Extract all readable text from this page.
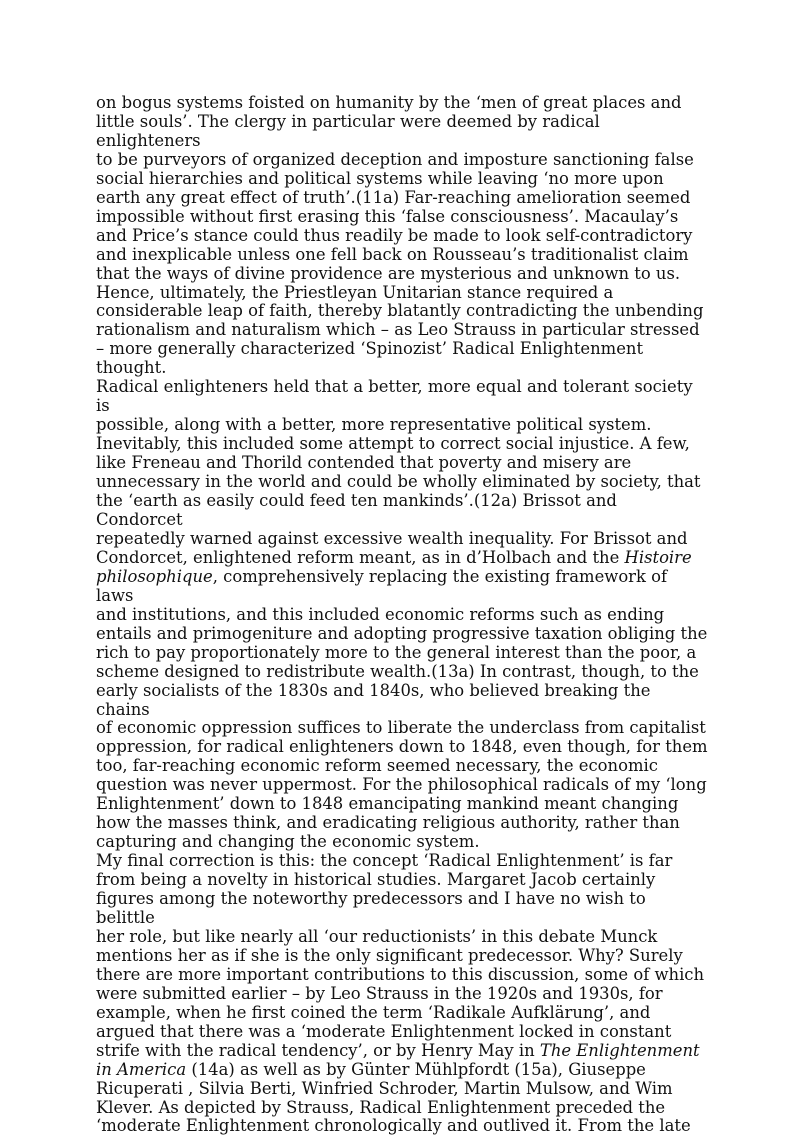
on bogus systems foisted on humanity by the ‘men of great places and
little souls’. The clergy in particular were deemed by radical enlighteners
to be purveyors of organized deception and imposture sanctioning false
social hierarchies and political systems while leaving ‘no more upon
earth any great effect of truth’.(11a) Far-reaching amelioration seemed
impossible without first erasing this ‘false consciousness’. Macaulay’s
and Price’s stance could thus readily be made to look self-contradictory
and inexplicable unless one fell back on Rousseau’s traditionalist claim
that the ways of divine providence are mysterious and unknown to us.
Hence, ultimately, the Priestleyan Unitarian stance required a
considerable leap of faith, thereby blatantly contradicting the unbending
rationalism and naturalism which – as Leo Strauss in particular stressed
– more generally characterized ‘Spinozist’ Radical Enlightenment
thought.

Radical enlighteners held that a better, more equal and tolerant society is
possible, along with a better, more representative political system.
Inevitably, this included some attempt to correct social injustice. A few,
like Freneau and Thorild contended that poverty and misery are
unnecessary in the world and could be wholly eliminated by society, that
the ‘earth as easily could feed ten mankinds’.(12a) Brissot and Condorcet
repeatedly warned against excessive wealth inequality. For Brissot and
Condorcet, enlightened reform meant, as in d’Holbach and the Histoire
philosophique, comprehensively replacing the existing framework of laws
and institutions, and this included economic reforms such as ending
entails and primogeniture and adopting progressive taxation obliging the
rich to pay proportionately more to the general interest than the poor, a
scheme designed to redistribute wealth.(13a) In contrast, though, to the
early socialists of the 1830s and 1840s, who believed breaking the chains
of economic oppression suffices to liberate the underclass from capitalist
oppression, for radical enlighteners down to 1848, even though, for them
too, far-reaching economic reform seemed necessary, the economic
question was never uppermost. For the philosophical radicals of my ‘long
Enlightenment’ down to 1848 emancipating mankind meant changing
how the masses think, and eradicating religious authority, rather than
capturing and changing the economic system.

My final correction is this: the concept ‘Radical Enlightenment’ is far
from being a novelty in historical studies. Margaret Jacob certainly
figures among the noteworthy predecessors and I have no wish to belittle
her role, but like nearly all ‘our reductionists’ in this debate Munck
mentions her as if she is the only significant predecessor. Why? Surely
there are more important contributions to this discussion, some of which
were submitted earlier – by Leo Strauss in the 1920s and 1930s, for
example, when he first coined the term ‘Radikale Aufklärung’, and
argued that there was a ‘moderate Enlightenment locked in constant
strife with the radical tendency’, or by Henry May in The Enlightenment
in America (14a) as well as by Günter Mühlpfordt (15a), Giuseppe
Ricuperati , Silvia Berti, Winfried Schroder, Martin Mulsow, and Wim
Klever. As depicted by Strauss, Radical Enlightenment preceded the
‘moderate Enlightenment chronologically and outlived it. From the late
